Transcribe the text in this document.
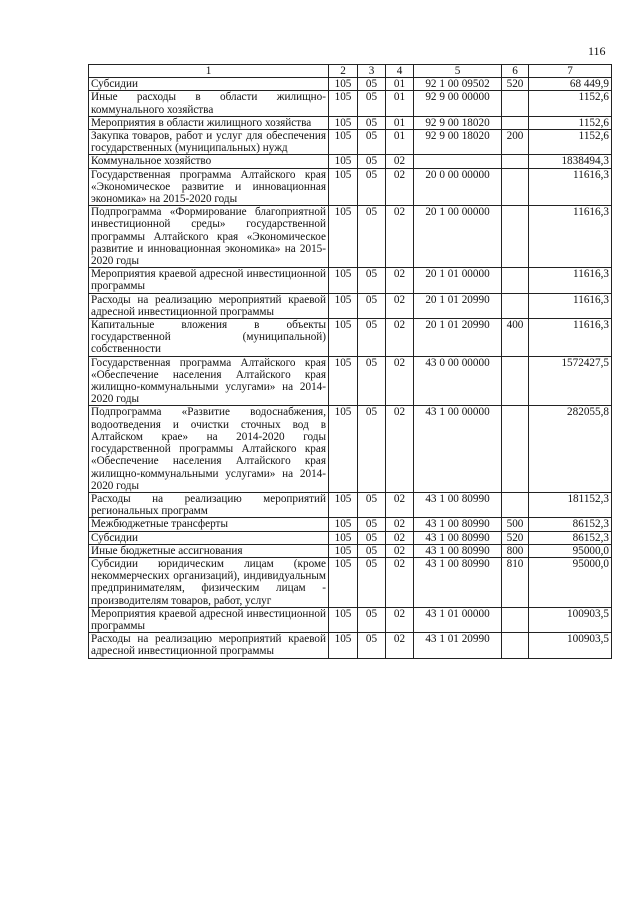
116
1	2	3	4	5	6	7
Субсидии	105	05	01	92 1 00 09502	520	68 449,9
Иные расходы в области жилищно-коммунального хозяйства	105	05	01	92 9 00 00000		1152,6
Мероприятия в области жилищного хозяйства	105	05	01	92 9 00 18020		1152,6
Закупка товаров, работ и услуг для обеспечения государственных (муниципальных) нужд	105	05	01	92 9 00 18020	200	1152,6
Коммунальное хозяйство	105	05	02			1838494,3
Государственная программа Алтайского края «Экономическое развитие и инновационная экономика» на 2015-2020 годы	105	05	02	20 0 00 00000		11616,3
Подпрограмма «Формирование благоприятной инвестиционной среды» государственной программы Алтайского края «Экономическое развитие и инновационная экономика» на 2015-2020 годы	105	05	02	20 1 00 00000		11616,3
Мероприятия краевой адресной инвестиционной программы	105	05	02	20 1 01 00000		11616,3
Расходы на реализацию мероприятий краевой адресной инвестиционной программы	105	05	02	20 1 01 20990		11616,3
Капитальные вложения в объекты государственной (муниципальной) собственности	105	05	02	20 1 01 20990	400	11616,3
Государственная программа Алтайского края «Обеспечение населения Алтайского края жилищно-коммунальными услугами» на 2014-2020 годы	105	05	02	43 0 00 00000		1572427,5
Подпрограмма «Развитие водоснабжения, водоотведения и очистки сточных вод в Алтайском крае» на 2014-2020 годы государственной программы Алтайского края «Обеспечение населения Алтайского края жилищно-коммунальными услугами» на 2014-2020 годы	105	05	02	43 1 00 00000		282055,8
Расходы на реализацию мероприятий региональных программ	105	05	02	43 1 00 80990		181152,3
Межбюджетные трансферты	105	05	02	43 1 00 80990	500	86152,3
Субсидии	105	05	02	43 1 00 80990	520	86152,3
Иные бюджетные ассигнования	105	05	02	43 1 00 80990	800	95000,0
Субсидии юридическим лицам (кроме некоммерческих организаций), индивидуальным предпринимателям, физическим лицам - производителям товаров, работ, услуг	105	05	02	43 1 00 80990	810	95000,0
Мероприятия краевой адресной инвестиционной программы	105	05	02	43 1 01 00000		100903,5
Расходы на реализацию мероприятий краевой адресной инвестиционной программы	105	05	02	43 1 01 20990		100903,5
